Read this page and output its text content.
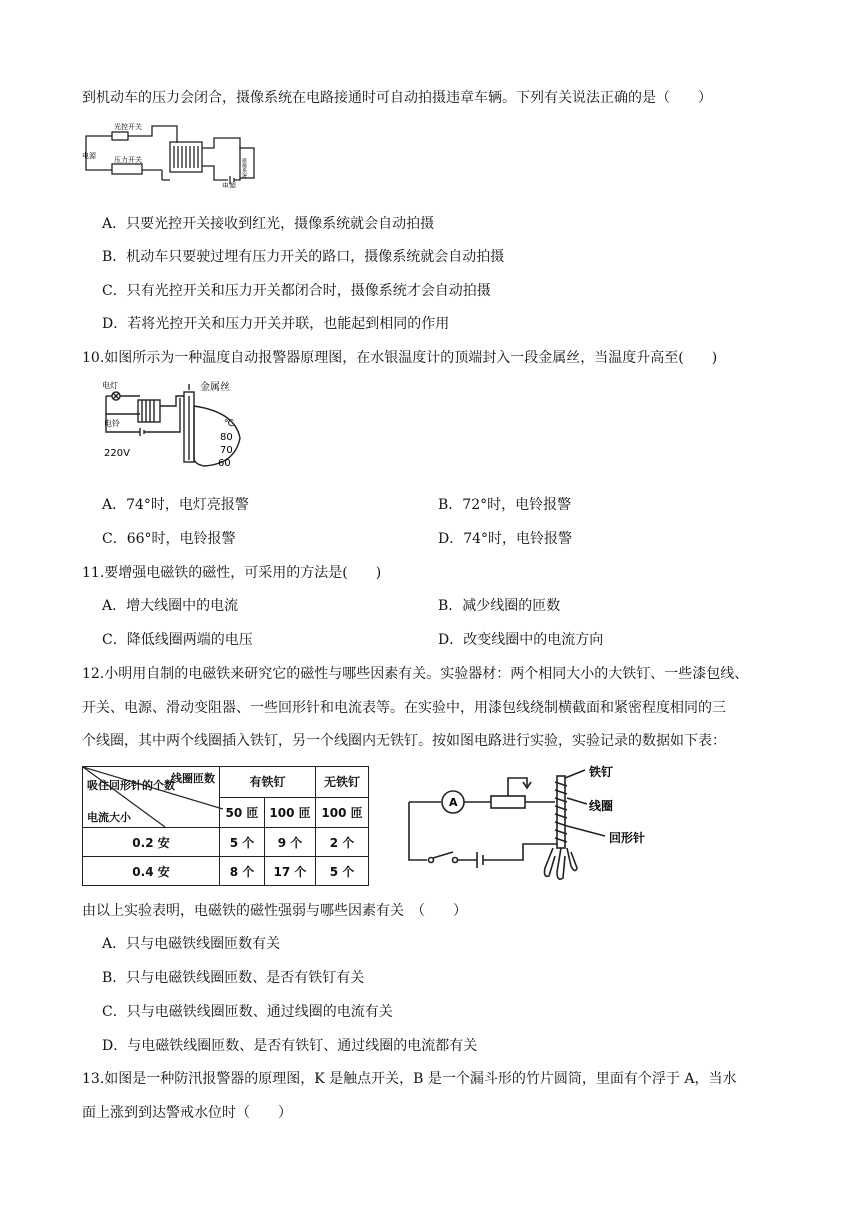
到机动车的压力会闭合，摄像系统在电路接通时可自动拍摄违章车辆。下列有关说法正确的是（　　）
光控开关
压力开关
电源
电源
摄像系统
A．只要光控开关接收到红光，摄像系统就会自动拍摄
B．机动车只要驶过埋有压力开关的路口，摄像系统就会自动拍摄
C．只有光控开关和压力开关都闭合时，摄像系统才会自动拍摄
D．若将光控开关和压力开关并联，也能起到相同的作用
10.如图所示为一种温度自动报警器原理图，在水银温度计的顶端封入一段金属丝，当温度升高至(　　)
电灯
电铃
220V
金属丝
℃
80
70
60
A．74°时，电灯亮报警	B．72°时，电铃报警
C．66°时，电铃报警	D．74°时，电铃报警
11.要增强电磁铁的磁性，可采用的方法是(　　)
A．增大线圈中的电流	B．减少线圈的匝数
C．降低线圈两端的电压	D．改变线圈中的电流方向
12.小明用自制的电磁铁来研究它的磁性与哪些因素有关。实验器材：两个相同大小的大铁钉、一些漆包线、
开关、电源、滑动变阻器、一些回形针和电流表等。在实验中，用漆包线绕制横截面和紧密程度相同的三
个线圈，其中两个线圈插入铁钉，另一个线圈内无铁钉。按如图电路进行实验，实验记录的数据如下表：
线圈匝数
吸住回形针的个数
电流大小	有铁钉		无铁钉
	50 匝	100 匝	100 匝
0.2 安	5 个	9 个	2 个
0.4 安	8 个	17 个	5 个
A
铁钉
线圈
回形针
由以上实验表明，电磁铁的磁性强弱与哪些因素有关　（　　）
A．只与电磁铁线圈匝数有关
B．只与电磁铁线圈匝数、是否有铁钉有关
C．只与电磁铁线圈匝数、通过线圈的电流有关
D．与电磁铁线圈匝数、是否有铁钉、通过线圈的电流都有关
13.如图是一种防汛报警器的原理图，K 是触点开关，B 是一个漏斗形的竹片圆筒，里面有个浮于 A，当水
面上涨到到达警戒水位时（　　）
